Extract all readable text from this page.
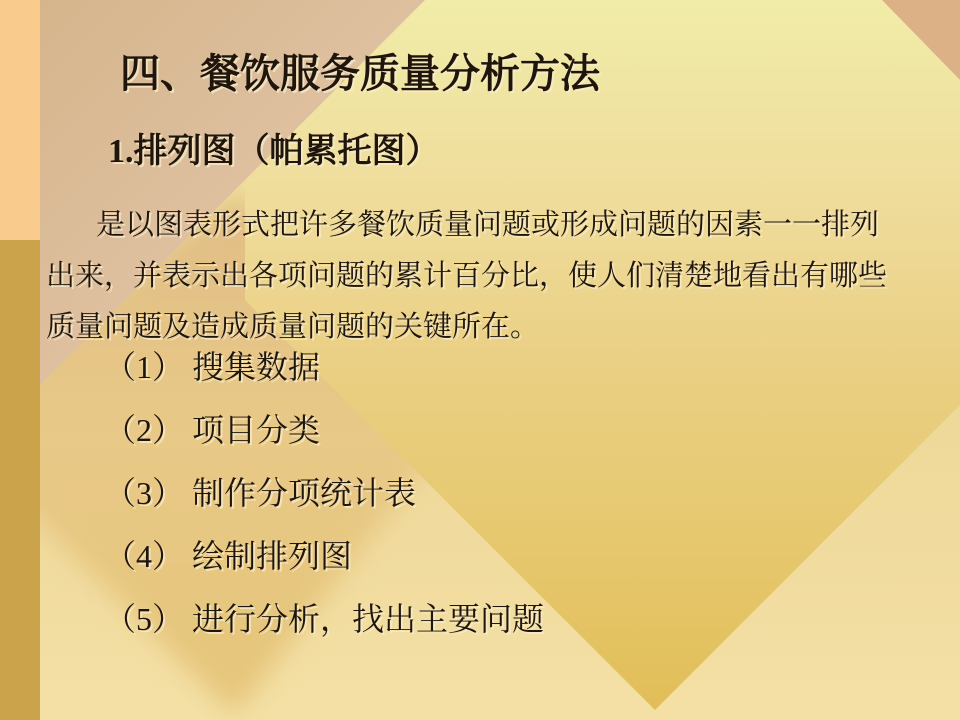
四、餐饮服务质量分析方法
1.排列图（帕累托图）
是以图表形式把许多餐饮质量问题或形成问题的因素一一排列
出来，并表示出各项问题的累计百分比，使人们清楚地看出有哪些
质量问题及造成质量问题的关键所在。
（1） 搜集数据
（2） 项目分类
（3） 制作分项统计表
（4） 绘制排列图
（5） 进行分析，找出主要问题
